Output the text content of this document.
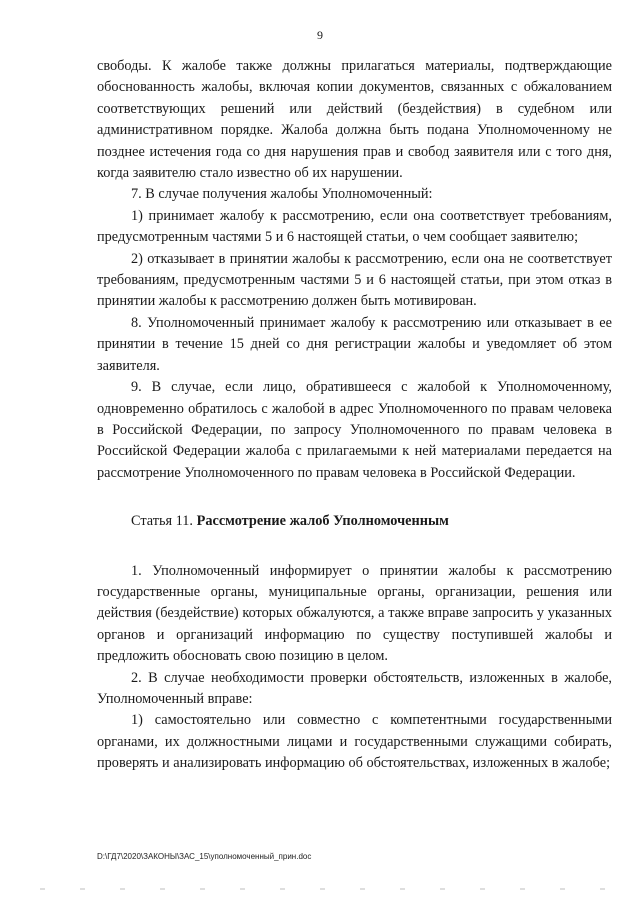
9

свободы. К жалобе также должны прилагаться материалы, подтверждающие обоснованность жалобы, включая копии документов, связанных с обжалованием соответствующих решений или действий (бездействия) в судебном или административном порядке. Жалоба должна быть подана Уполномоченному не позднее истечения года со дня нарушения прав и свобод заявителя или с того дня, когда заявителю стало известно об их нарушении.

7. В случае получения жалобы Уполномоченный:

1) принимает жалобу к рассмотрению, если она соответствует требованиям, предусмотренным частями 5 и 6 настоящей статьи, о чем сообщает заявителю;

2) отказывает в принятии жалобы к рассмотрению, если она не соответствует требованиям, предусмотренным частями 5 и 6 настоящей статьи, при этом отказ в принятии жалобы к рассмотрению должен быть мотивирован.

8. Уполномоченный принимает жалобу к рассмотрению или отказывает в ее принятии в течение 15 дней со дня регистрации жалобы и уведомляет об этом заявителя.

9. В случае, если лицо, обратившееся с жалобой к Уполномоченному, одновременно обратилось с жалобой в адрес Уполномоченного по правам человека в Российской Федерации, по запросу Уполномоченного по правам человека в Российской Федерации жалоба с прилагаемыми к ней материалами передается на рассмотрение Уполномоченного по правам человека в Российской Федерации.

Статья 11. Рассмотрение жалоб Уполномоченным

1. Уполномоченный информирует о принятии жалобы к рассмотрению государственные органы, муниципальные органы, организации, решения или действия (бездействие) которых обжалуются, а также вправе запросить у указанных органов и организаций информацию по существу поступившей жалобы и предложить обосновать свою позицию в целом.

2. В случае необходимости проверки обстоятельств, изложенных в жалобе, Уполномоченный вправе:

1) самостоятельно или совместно с компетентными государственными органами, их должностными лицами и государственными служащими собирать, проверять и анализировать информацию об обстоятельствах, изложенных в жалобе;

D:\ГД7\2020\ЗАКОНЫ\ЗАС_15\уполномоченный_прин.doc
